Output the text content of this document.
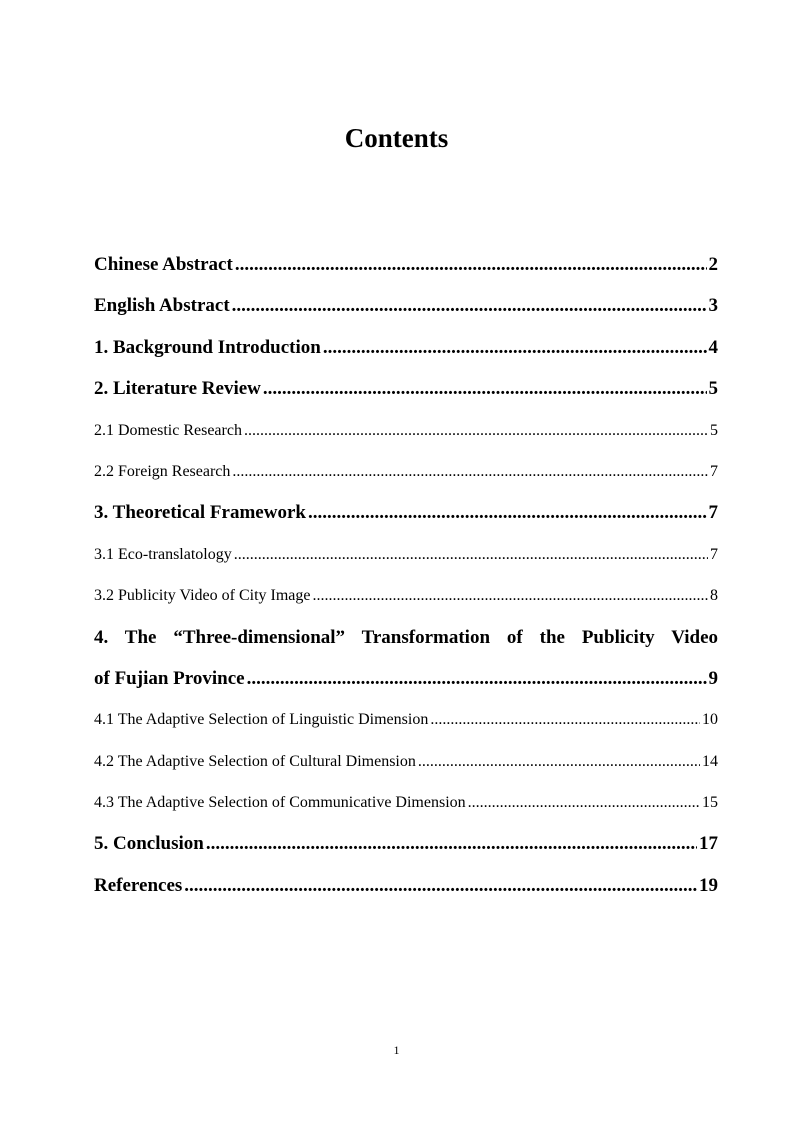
Contents
Chinese Abstract .....	2
English Abstract .....	3
1. Background Introduction .....	4
2. Literature Review .....	5
2.1 Domestic Research .....	5
2.2 Foreign Research .....	7
3. Theoretical Framework .....	7
3.1 Eco-translatology .....	7
3.2 Publicity Video of City Image .....	8
4. The “Three-dimensional” Transformation of the Publicity Video
of Fujian Province .....	9
4.1 The Adaptive Selection of Linguistic Dimension .....	10
4.2 The Adaptive Selection of Cultural Dimension .....	14
4.3 The Adaptive Selection of Communicative Dimension .....	15
5. Conclusion .....	17
References .....	19
1
